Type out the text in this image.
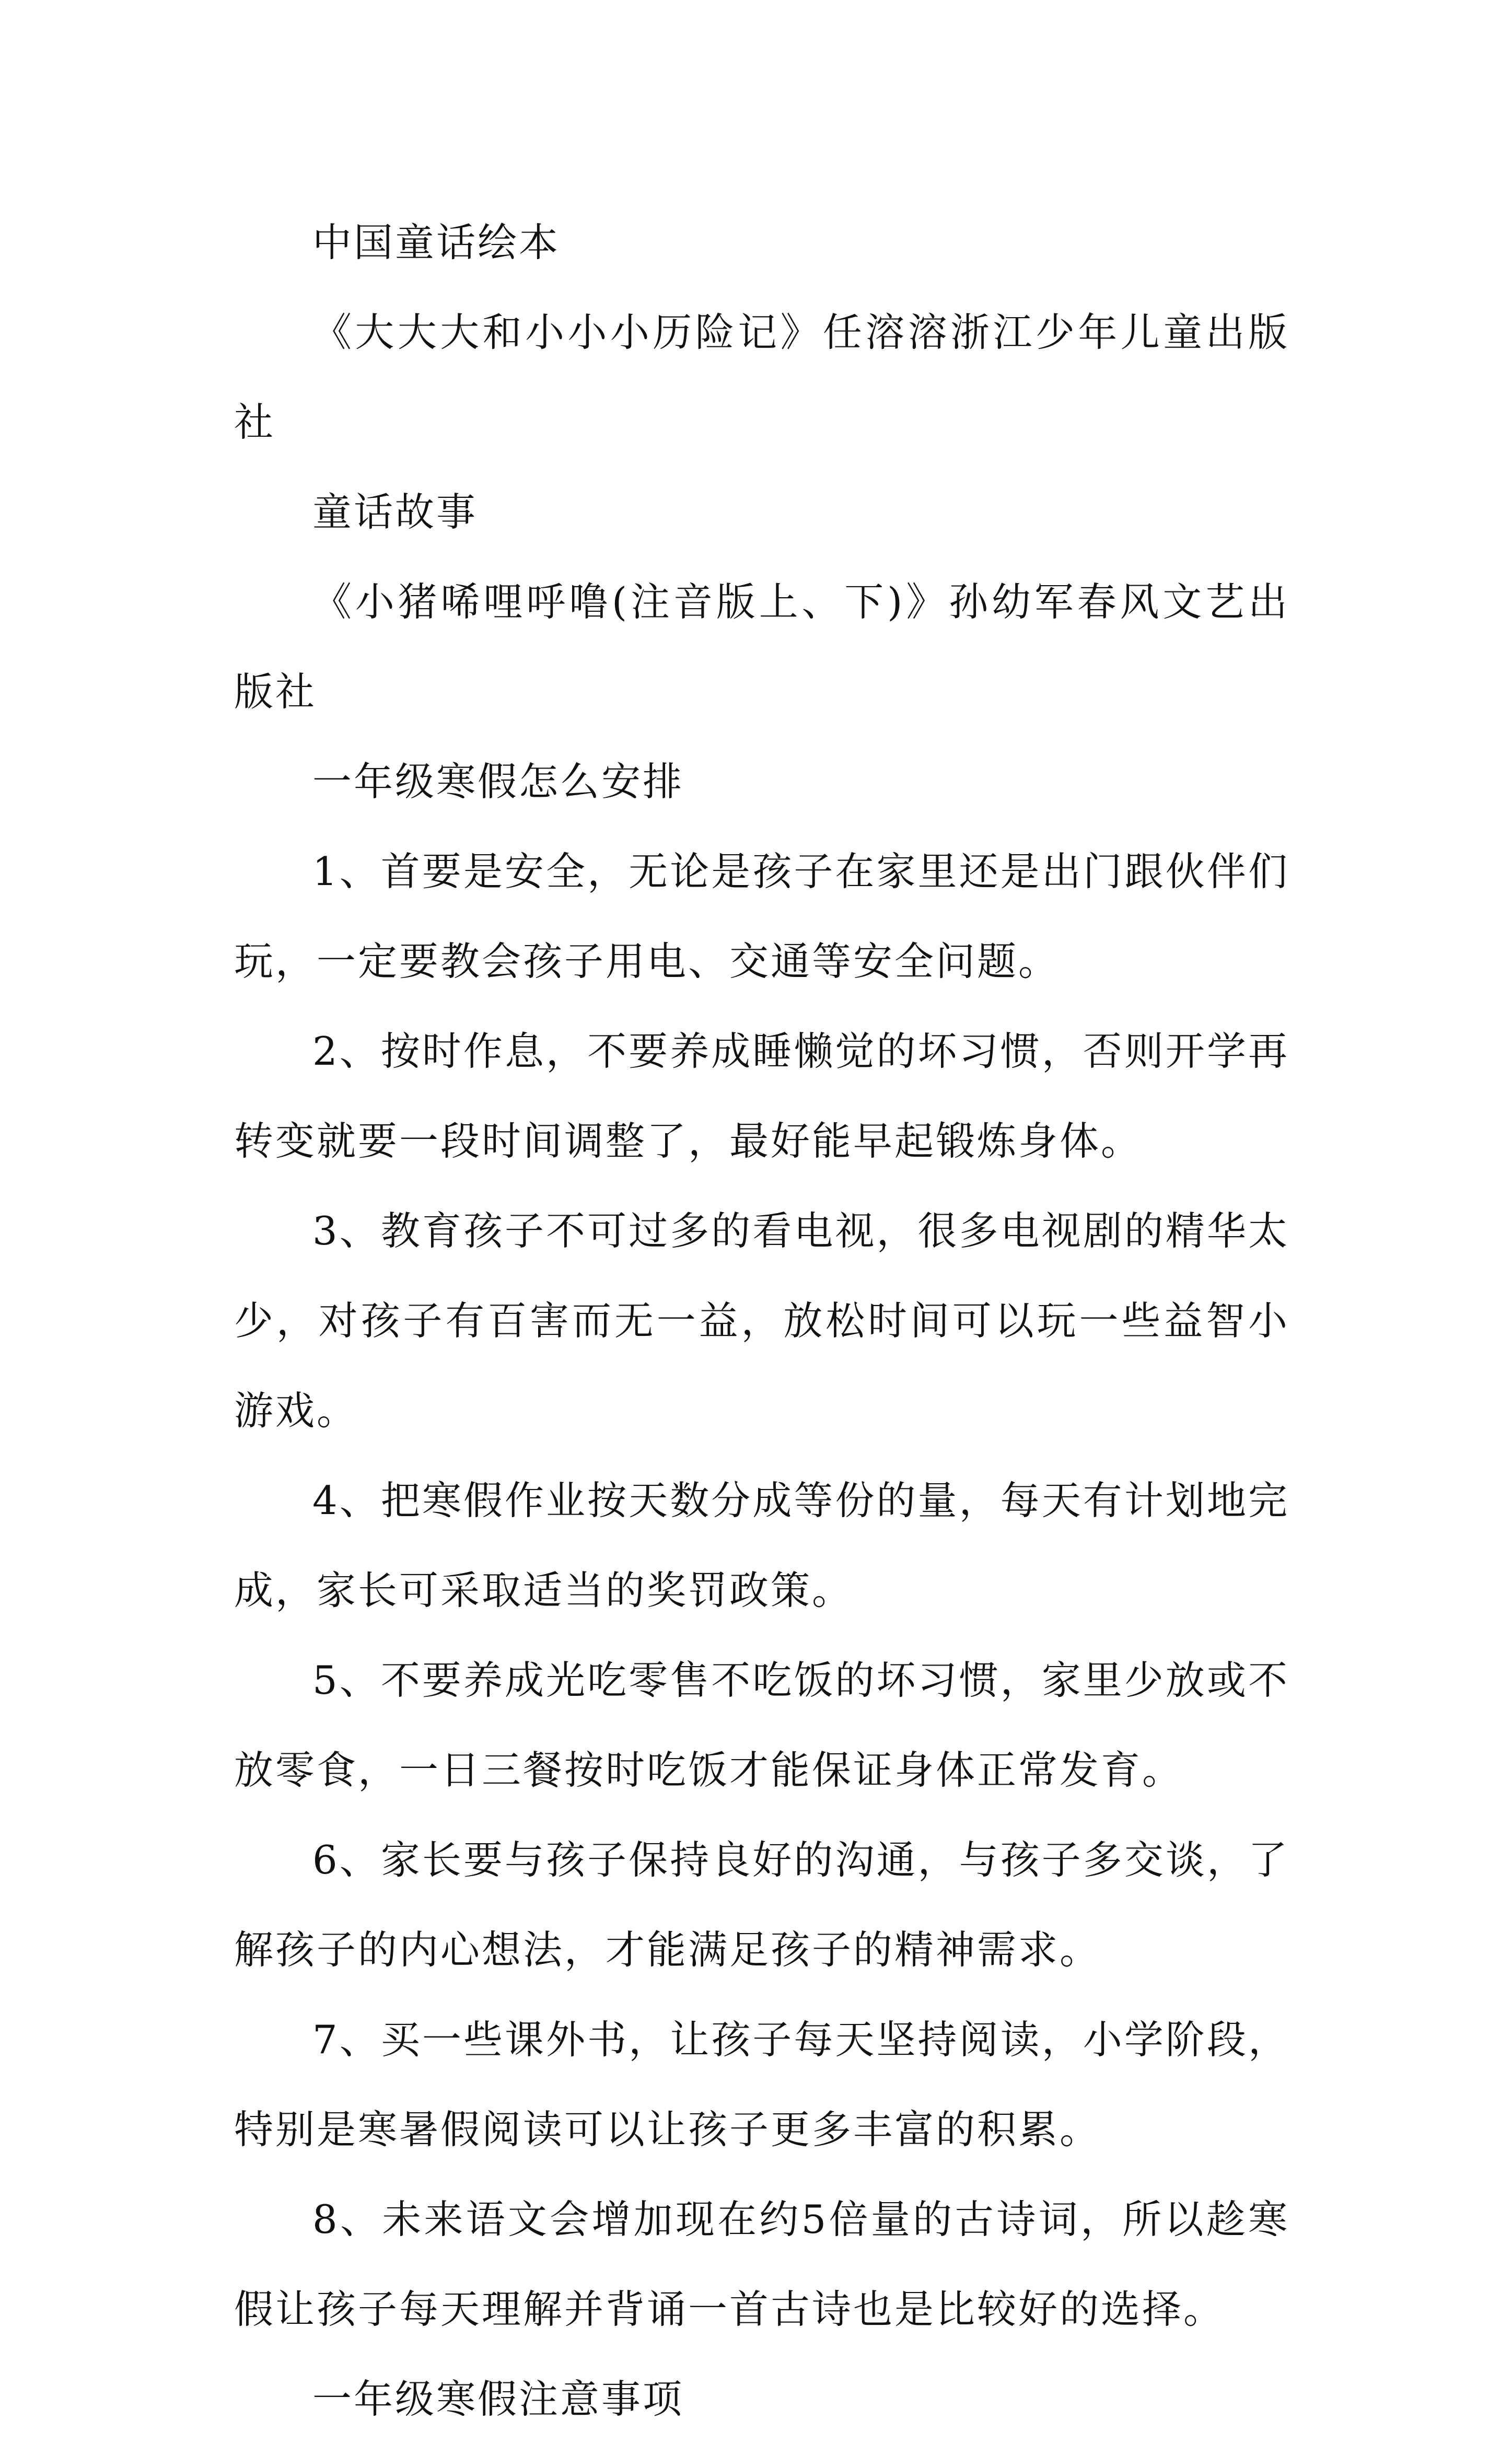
中国童话绘本

《大大大和小小小历险记》任溶溶浙江少年儿童出版社

童话故事

《小猪唏哩呼噜(注音版上、下)》孙幼军春风文艺出版社

一年级寒假怎么安排

1、首要是安全，无论是孩子在家里还是出门跟伙伴们玩，一定要教会孩子用电、交通等安全问题。

2、按时作息，不要养成睡懒觉的坏习惯，否则开学再转变就要一段时间调整了，最好能早起锻炼身体。

3、教育孩子不可过多的看电视，很多电视剧的精华太少，对孩子有百害而无一益，放松时间可以玩一些益智小游戏。

4、把寒假作业按天数分成等份的量，每天有计划地完成，家长可采取适当的奖罚政策。

5、不要养成光吃零售不吃饭的坏习惯，家里少放或不放零食，一日三餐按时吃饭才能保证身体正常发育。

6、家长要与孩子保持良好的沟通，与孩子多交谈，了解孩子的内心想法，才能满足孩子的精神需求。

7、买一些课外书，让孩子每天坚持阅读，小学阶段，特别是寒暑假阅读可以让孩子更多丰富的积累。

8、未来语文会增加现在约5倍量的古诗词，所以趁寒假让孩子每天理解并背诵一首古诗也是比较好的选择。

一年级寒假注意事项
